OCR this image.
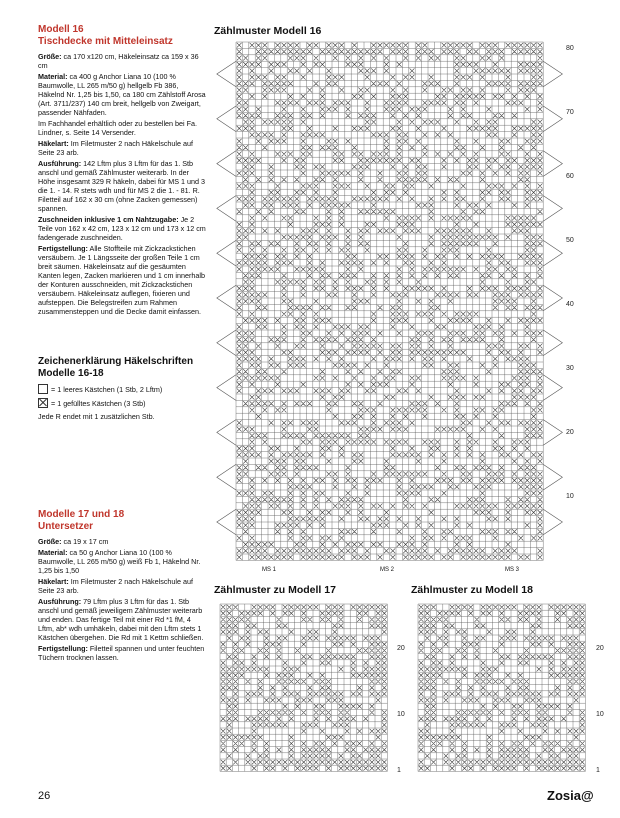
Modell 16
Tischdecke mit Mitteleinsatz
Größe: ca 170 x120 cm, Häkeleinsatz ca 159 x 36 cm
Material: ca 400 g Anchor Liana 10 (100 % Baumwolle, LL 265 m/50 g) hellgelb Fb 386, Häkelnd Nr. 1,25 bis 1,50, ca 180 cm Zählstoff Arosa (Art. 3711/237) 140 cm breit, hellgelb von Zweigart, passender Nähfaden.
Im Fachhandel erhältlich oder zu bestellen bei Fa. Lindner, s. Seite 14 Versender.
Häkelart: Im Filetmuster 2 nach Häkelschule auf Seite 23 arb.
Ausführung: 142 Lftm plus 3 Lftm für das 1. Stb anschl und gemäß Zählmuster weiterarb. In der Höhe insgesamt 329 R häkeln, dabei für MS 1 und 3 die 1. - 14. R stets wdh und für MS 2 die 1. - 81. R. Filetteil auf 162 x 30 cm (ohne Zacken gemessen) spannen.
Zuschneiden inklusive 1 cm Nahtzugabe: Je 2 Teile von 162 x 42 cm, 123 x 12 cm und 173 x 12 cm fadengerade zuschneiden.
Fertigstellung: Alle Stoffteile mit Zickzackstichen versäubern. Je 1 Längsseite der großen Teile 1 cm breit säumen. Häkeleinsatz auf die gesäumten Kanten legen, Zacken markieren und 1 cm innerhalb der Konturen ausschneiden, mit Zickzackstichen versäubern. Häkeleinsatz auflegen, fixieren und aufsteppen. Die Belegstreifen zum Rahmen zusammensteppen und die Decke damit einfassen.
Zeichenerklärung Häkelschriften Modelle 16-18
= 1 leeres Kästchen (1 Stb, 2 Lftm)
= 1 gefülltes Kästchen (3 Stb)
Jede R endet mit 1 zusätzlichen Stb.
Modelle 17 und 18
Untersetzer
Größe: ca 19 x 17 cm
Material: ca 50 g Anchor Liana 10 (100 % Baumwolle, LL 265 m/50 g) weiß Fb 1, Häkelnd Nr. 1,25 bis 1,50
Häkelart: Im Filetmuster 2 nach Häkelschule auf Seite 23 arb.
Ausführung: 79 Lftm plus 3 Lftm für das 1. Stb anschl und gemäß jeweiligem Zählmuster weiterarb und enden. Das fertige Teil mit einer Rd *1 fM, 4 Lftm, ab* wdh umhäkeln, dabei mit den Lftm stets 1 Kästchen übergehen. Die Rd mit 1 Kettm schließen.
Fertigstellung: Filetteil spannen und unter feuchten Tüchern trocknen lassen.
Zählmuster Modell 16
80
70
60
50
40
30
20
10
MS 1	MS 2	MS 3
Zählmuster zu Modell 17	Zählmuster zu Modell 18
20
10
1
20
10
1
26	Zosia@
